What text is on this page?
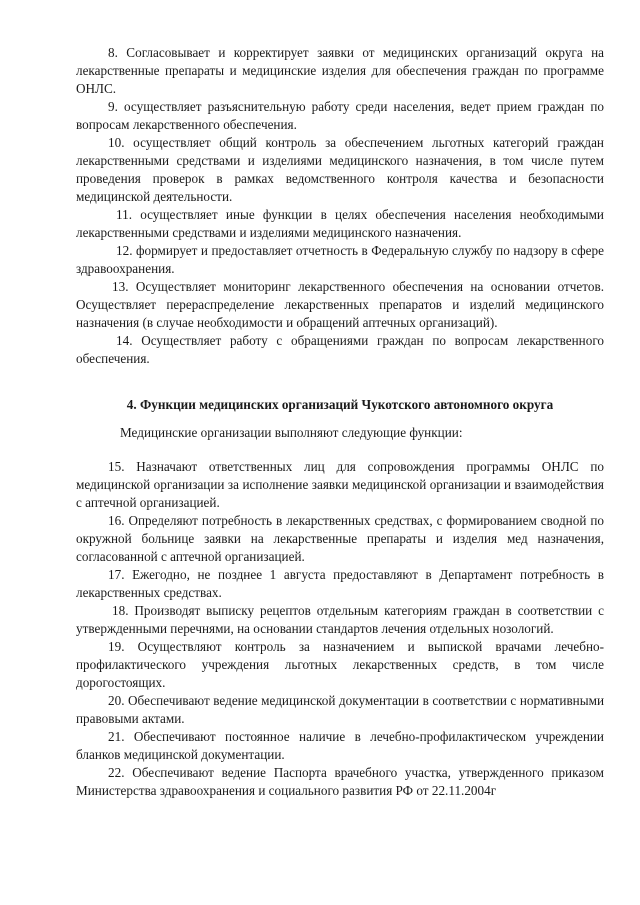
8. Согласовывает и корректирует заявки от медицинских организаций округа на лекарственные препараты и медицинские изделия для обеспечения граждан по программе ОНЛС.

9. осуществляет разъяснительную работу среди населения, ведет прием граждан по вопросам лекарственного обеспечения.

10. осуществляет общий контроль за обеспечением льготных категорий граждан лекарственными средствами и изделиями медицинского назначения, в том числе путем проведения проверок в рамках ведомственного контроля качества и безопасности медицинской деятельности.

11. осуществляет иные функции в целях обеспечения населения необходимыми лекарственными средствами и изделиями медицинского назначения.

12. формирует и предоставляет отчетность в Федеральную службу по надзору в сфере здравоохранения.

13. Осуществляет мониторинг лекарственного обеспечения на основании отчетов. Осуществляет перераспределение лекарственных препаратов и изделий медицинского назначения (в случае необходимости и обращений аптечных организаций).

14. Осуществляет работу с обращениями граждан по вопросам лекарственного обеспечения.

4. Функции медицинских организаций Чукотского автономного округа

Медицинские организации выполняют следующие функции:

15. Назначают ответственных лиц для сопровождения программы ОНЛС по медицинской организации за исполнение заявки медицинской организации и взаимодействия с аптечной организацией.

16. Определяют потребность в лекарственных средствах, с формированием сводной по окружной больнице заявки на лекарственные препараты и изделия мед назначения, согласованной с аптечной организацией.

17. Ежегодно, не позднее 1 августа предоставляют в Департамент потребность в лекарственных средствах.

18. Производят выписку рецептов отдельным категориям граждан в соответствии с утвержденными перечнями, на основании стандартов лечения отдельных нозологий.

19. Осуществляют контроль за назначением и выпиской врачами лечебно-профилактического учреждения льготных лекарственных средств, в том числе дорогостоящих.

20. Обеспечивают ведение медицинской документации в соответствии с нормативными правовыми актами.

21. Обеспечивают постоянное наличие в лечебно-профилактическом учреждении бланков медицинской документации.

22. Обеспечивают ведение Паспорта врачебного участка, утвержденного приказом Министерства здравоохранения и социального развития РФ от 22.11.2004г
